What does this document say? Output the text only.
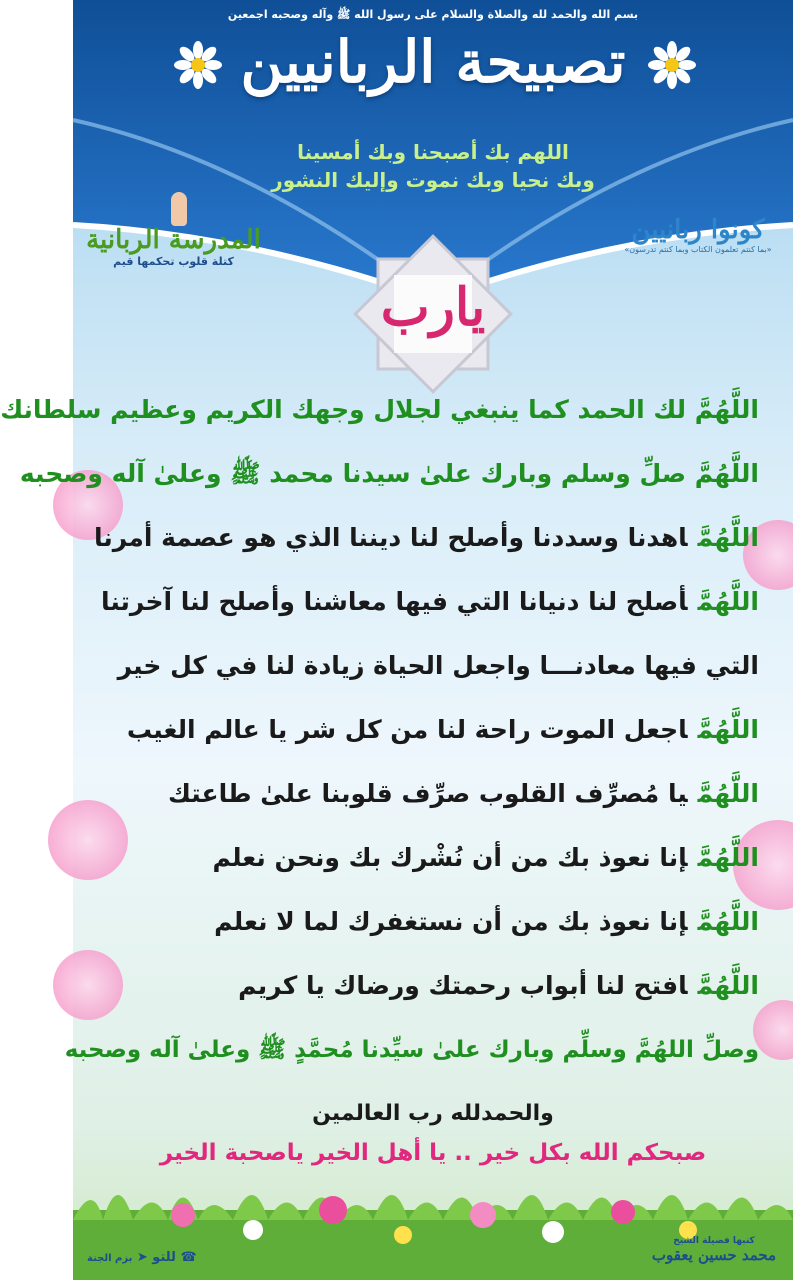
بسم الله والحمد لله والصلاة والسلام على رسول الله ﷺ وآله وصحبه اجمعين
تصبيحة الربانيين
اللهم بك أصبحنا وبك أمسينا
وبك نحيا وبك نموت وإليك النشور
كونوا ربانيين
«بما كنتم تعلمون الكتاب وبما كنتم تدرسون»
المدرسة الربانية
كتلة قلوب تحكمها قيم
يارب
اللَّهُمَّ لك الحمد كما ينبغي لجلال وجهك الكريم وعظيم سلطانك
اللَّهُمَّ صلِّ وسلم وبارك علىٰ سيدنا محمد ﷺ وعلىٰ آله وصحبه
اللَّهُمَّاهدنا وسددنا وأصلح لنا ديننا الذي هو عصمة أمرنا
اللَّهُمَّأصلح لنا دنيانا التي فيها معاشنا وأصلح لنا آخرتنا
التي فيها معادنـــا واجعل الحياة زيادة لنا في كل خير
اللَّهُمَّاجعل الموت راحة لنا من كل شر يا عالم الغيب
اللَّهُمَّيا مُصرِّف القلوب صرِّف قلوبنا علىٰ طاعتك
اللَّهُمَّإنا نعوذ بك من أن نُشْرك بك ونحن نعلم
اللَّهُمَّإنا نعوذ بك من أن نستغفرك لما لا نعلم
اللَّهُمَّافتح لنا أبواب رحمتك ورضاك يا كريم
وصلِّ اللهُمَّ وسلِّم وبارك علىٰ سيِّدنا مُحمَّدٍ ﷺ وعلىٰ آله وصحبه
والحمدلله رب العالمين
صبحكم الله بكل خير .. يا أهل الخير ياصحبة الخير
كتبها فضيلة الشيخ
محمد حسين يعقوب
☎ للتو ➤ بزم الجنة
